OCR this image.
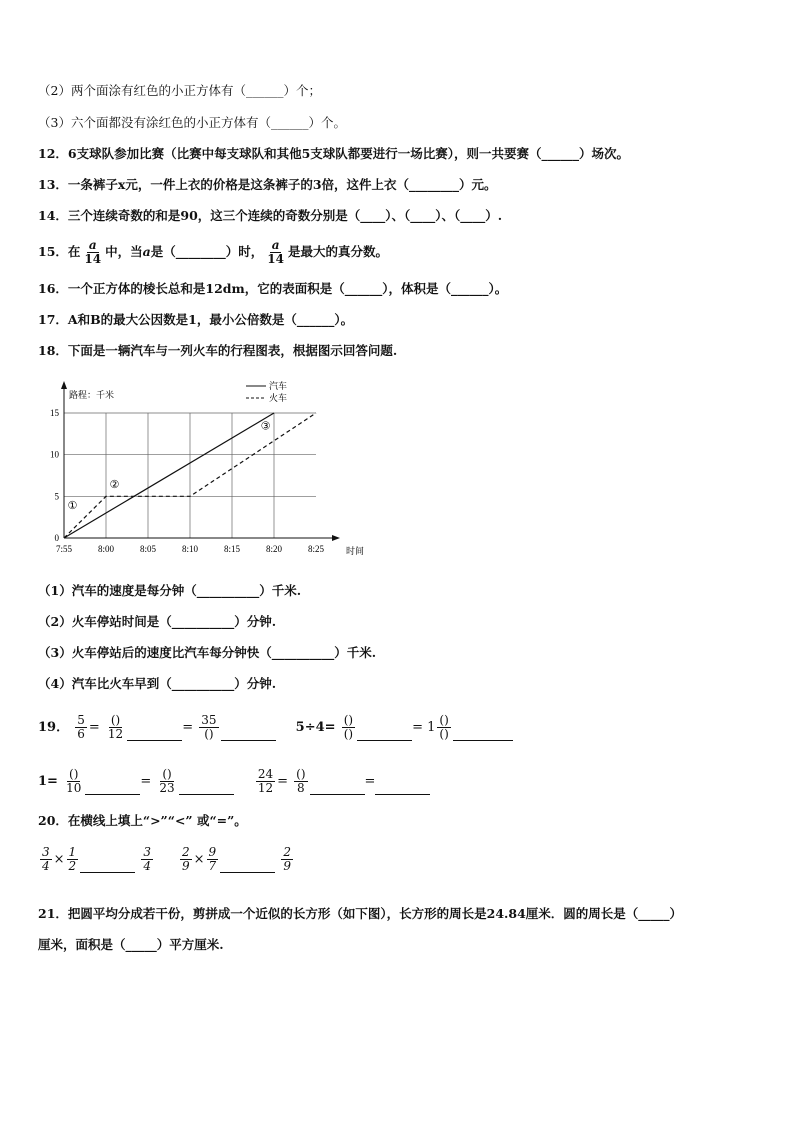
（2）两个面涂有红色的小正方体有（______）个；
（3）六个面都没有涂红色的小正方体有（______）个。
12．6支球队参加比赛（比赛中每支球队和其他5支球队都要进行一场比赛），则一共要赛（______）场次。
13．一条裤子x元，一件上衣的价格是这条裤子的3倍，这件上衣（________）元。
14．三个连续奇数的和是90，这三个连续的奇数分别是（____）、（____）、（____）.
15．在 $\frac{a}{14}$ 中，当a是（________）时， $\frac{a}{14}$ 是最大的真分数。
16．一个正方体的棱长总和是12dm，它的表面积是（______），体积是（______）。
17．A和B的最大公因数是1，最小公倍数是（______）。
18．下面是一辆汽车与一列火车的行程图表，根据图示回答问题.
7:55	8:00	8:05	8:10	8:15	8:20	8:25
0
5
10
15
路程：千米
时间
汽车
火车
①
②
③
（1）汽车的速度是每分钟（__________）千米.
（2）火车停站时间是（__________）分钟.
（3）火车停站后的速度比汽车每分钟快（__________）千米.
（4）汽车比火车早到（__________）分钟.
19． $\frac{5}{6} = \frac{()}{12}$	= $\frac{35}{()}$	$5\div 4= \frac{()}{()}$	= $1 \frac{()}{()}$
$1= \frac{()}{10}$	= $\frac{()}{23}$
	$\frac{24}{12} = \frac{()}{8}$	=
20．在横线上填上“>”“<” 或“=”。
$\frac{3}{4} \times \frac{1}{2}$
	$\frac{3}{4} \frac{2}{9} \times \frac{9}{7}$
	$\frac{2}{9}$
21．把圆平均分成若干份，剪拼成一个近似的长方形（如下图），长方形的周长是24.84厘米．圆的周长是（_____）
厘米，面积是（_____）平方厘米.
